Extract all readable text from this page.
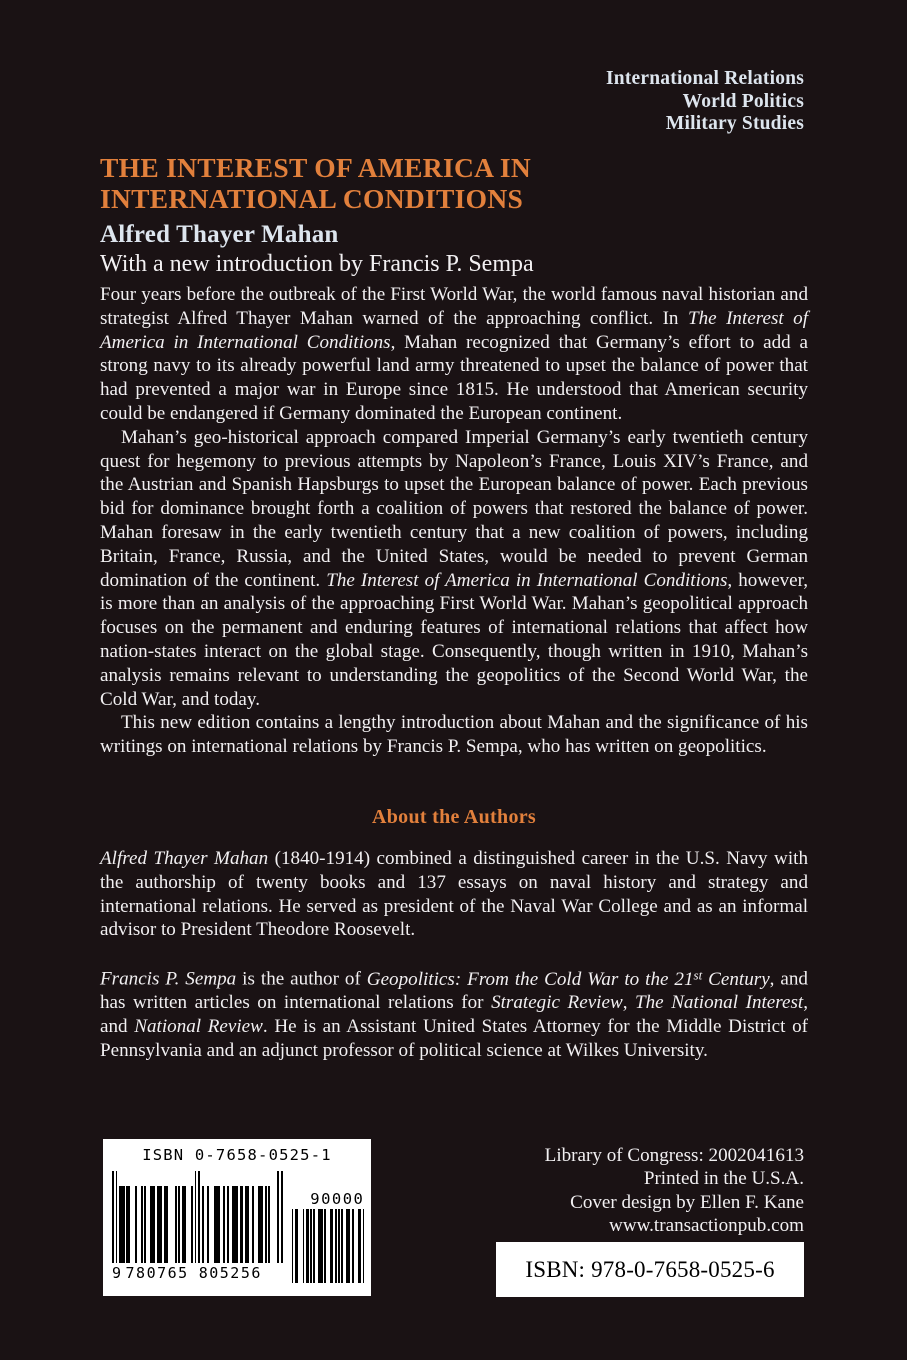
International Relations
World Politics
Military Studies
THE INTEREST OF AMERICA IN
INTERNATIONAL CONDITIONS
Alfred Thayer Mahan
With a new introduction by Francis P. Sempa

Four years before the outbreak of the First World War, the world famous naval historian and strategist Alfred Thayer Mahan warned of the approaching conflict. In The Interest of America in International Conditions, Mahan recognized that Germany’s effort to add a strong navy to its already powerful land army threatened to upset the balance of power that had prevented a major war in Europe since 1815. He understood that American security could be endangered if Germany dominated the European continent.

Mahan’s geo-historical approach compared Imperial Germany’s early twentieth century quest for hegemony to previous attempts by Napoleon’s France, Louis XIV’s France, and the Austrian and Spanish Hapsburgs to upset the European balance of power. Each previous bid for dominance brought forth a coalition of powers that restored the balance of power. Mahan foresaw in the early twentieth century that a new coalition of powers, including Britain, France, Russia, and the United States, would be needed to prevent German domination of the continent. The Interest of America in International Conditions, however, is more than an analysis of the approaching First World War. Mahan’s geopolitical approach focuses on the permanent and enduring features of international relations that affect how nation-states interact on the global stage. Consequently, though written in 1910, Mahan’s analysis remains relevant to understanding the geopolitics of the Second World War, the Cold War, and today.

This new edition contains a lengthy introduction about Mahan and the significance of his writings on international relations by Francis P. Sempa, who has written on geopolitics.

About the Authors

Alfred Thayer Mahan (1840-1914) combined a distinguished career in the U.S. Navy with the authorship of twenty books and 137 essays on naval history and strategy and international relations. He served as president of the Naval War College and as an informal advisor to President Theodore Roosevelt.

Francis P. Sempa is the author of Geopolitics: From the Cold War to the 21st Century, and has written articles on international relations for Strategic Review, The National Interest, and National Review. He is an Assistant United States Attorney for the Middle District of Pennsylvania and an adjunct professor of political science at Wilkes University.

ISBN 0-7658-0525-1
9 780765 805256
90000
Library of Congress: 2002041613
Printed in the U.S.A.
Cover design by Ellen F. Kane
www.transactionpub.com
ISBN: 978-0-7658-0525-6
